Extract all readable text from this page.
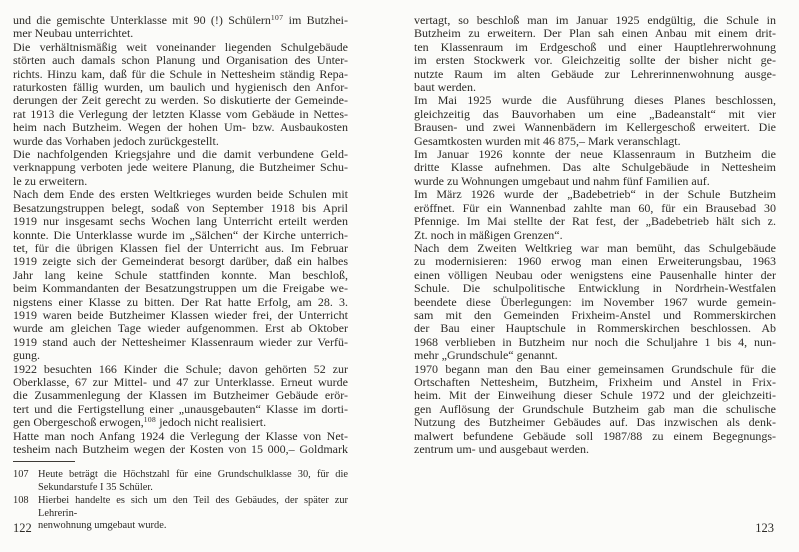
und die gemischte Unterklasse mit 90 (!) Schülern$^{107}$ im Butzhei-
mer Neubau unterrichtet.
Die verhältnismäßig weit voneinander liegenden Schulgebäude
störten auch damals schon Planung und Organisation des Unter-
richts. Hinzu kam, daß für die Schule in Nettesheim ständig Repa-
raturkosten fällig wurden, um baulich und hygienisch den Anfor-
derungen der Zeit gerecht zu werden. So diskutierte der Gemeinde-
rat 1913 die Verlegung der letzten Klasse vom Gebäude in Nettes-
heim nach Butzheim. Wegen der hohen Um- bzw. Ausbaukosten
wurde das Vorhaben jedoch zurückgestellt.
Die nachfolgenden Kriegsjahre und die damit verbundene Geld-
verknappung verboten jede weitere Planung, die Butzheimer Schu-
le zu erweitern.
Nach dem Ende des ersten Weltkrieges wurden beide Schulen mit
Besatzungstruppen belegt, sodaß von September 1918 bis April
1919 nur insgesamt sechs Wochen lang Unterricht erteilt werden
konnte. Die Unterklasse wurde im „Sälchen“ der Kirche unterrich-
tet, für die übrigen Klassen fiel der Unterricht aus. Im Februar
1919 zeigte sich der Gemeinderat besorgt darüber, daß ein halbes
Jahr lang keine Schule stattfinden konnte. Man beschloß,
beim Kommandanten der Besatzungstruppen um die Freigabe we-
nigstens einer Klasse zu bitten. Der Rat hatte Erfolg, am 28. 3.
1919 waren beide Butzheimer Klassen wieder frei, der Unterricht
wurde am gleichen Tage wieder aufgenommen. Erst ab Oktober
1919 stand auch der Nettesheimer Klassenraum wieder zur Verfü-
gung.
1922 besuchten 166 Kinder die Schule; davon gehörten 52 zur
Oberklasse, 67 zur Mittel- und 47 zur Unterklasse. Erneut wurde
die Zusammenlegung der Klassen im Butzheimer Gebäude erör-
tert und die Fertigstellung einer „unausgebauten“ Klasse im dorti-
gen Obergeschoß erwogen,$^{108}$ jedoch nicht realisiert.
Hatte man noch Anfang 1924 die Verlegung der Klasse von Net-
tesheim nach Butzheim wegen der Kosten von 15 000,– Goldmark
107 Heute beträgt die Höchstzahl für eine Grundschulklasse 30, für die
Sekundarstufe I 35 Schüler.
108 Hierbei handelte es sich um den Teil des Gebäudes, der später zur Lehrerin-
nenwohnung umgebaut wurde.
vertagt, so beschloß man im Januar 1925 endgültig, die Schule in
Butzheim zu erweitern. Der Plan sah einen Anbau mit einem drit-
ten Klassenraum im Erdgeschoß und einer Hauptlehrerwohnung
im ersten Stockwerk vor. Gleichzeitig sollte der bisher nicht ge-
nutzte Raum im alten Gebäude zur Lehrerinnenwohnung ausge-
baut werden.
Im Mai 1925 wurde die Ausführung dieses Planes beschlossen,
gleichzeitig das Bauvorhaben um eine „Badeanstalt“ mit vier
Brausen- und zwei Wannenbädern im Kellergeschoß erweitert. Die
Gesamtkosten wurden mit 46 875,– Mark veranschlagt.
Im Januar 1926 konnte der neue Klassenraum in Butzheim die
dritte Klasse aufnehmen. Das alte Schulgebäude in Nettesheim
wurde zu Wohnungen umgebaut und nahm fünf Familien auf.
Im März 1926 wurde der „Badebetrieb“ in der Schule Butzheim
eröffnet. Für ein Wannenbad zahlte man 60, für ein Brausebad 30
Pfennige. Im Mai stellte der Rat fest, der „Badebetrieb hält sich z.
Zt. noch in mäßigen Grenzen“.
Nach dem Zweiten Weltkrieg war man bemüht, das Schulgebäude
zu modernisieren: 1960 erwog man einen Erweiterungsbau, 1963
einen völligen Neubau oder wenigstens eine Pausenhalle hinter der
Schule. Die schulpolitische Entwicklung in Nordrhein-Westfalen
beendete diese Überlegungen: im November 1967 wurde gemein-
sam mit den Gemeinden Frixheim-Anstel und Rommerskirchen
der Bau einer Hauptschule in Rommerskirchen beschlossen. Ab
1968 verblieben in Butzheim nur noch die Schuljahre 1 bis 4, nun-
mehr „Grundschule“ genannt.
1970 begann man den Bau einer gemeinsamen Grundschule für die
Ortschaften Nettesheim, Butzheim, Frixheim und Anstel in Frix-
heim. Mit der Einweihung dieser Schule 1972 und der gleichzeiti-
gen Auflösung der Grundschule Butzheim gab man die schulische
Nutzung des Butzheimer Gebäudes auf. Das inzwischen als denk-
malwert befundene Gebäude soll 1987/88 zu einem Begegnungs-
zentrum um- und ausgebaut werden.
122	123
